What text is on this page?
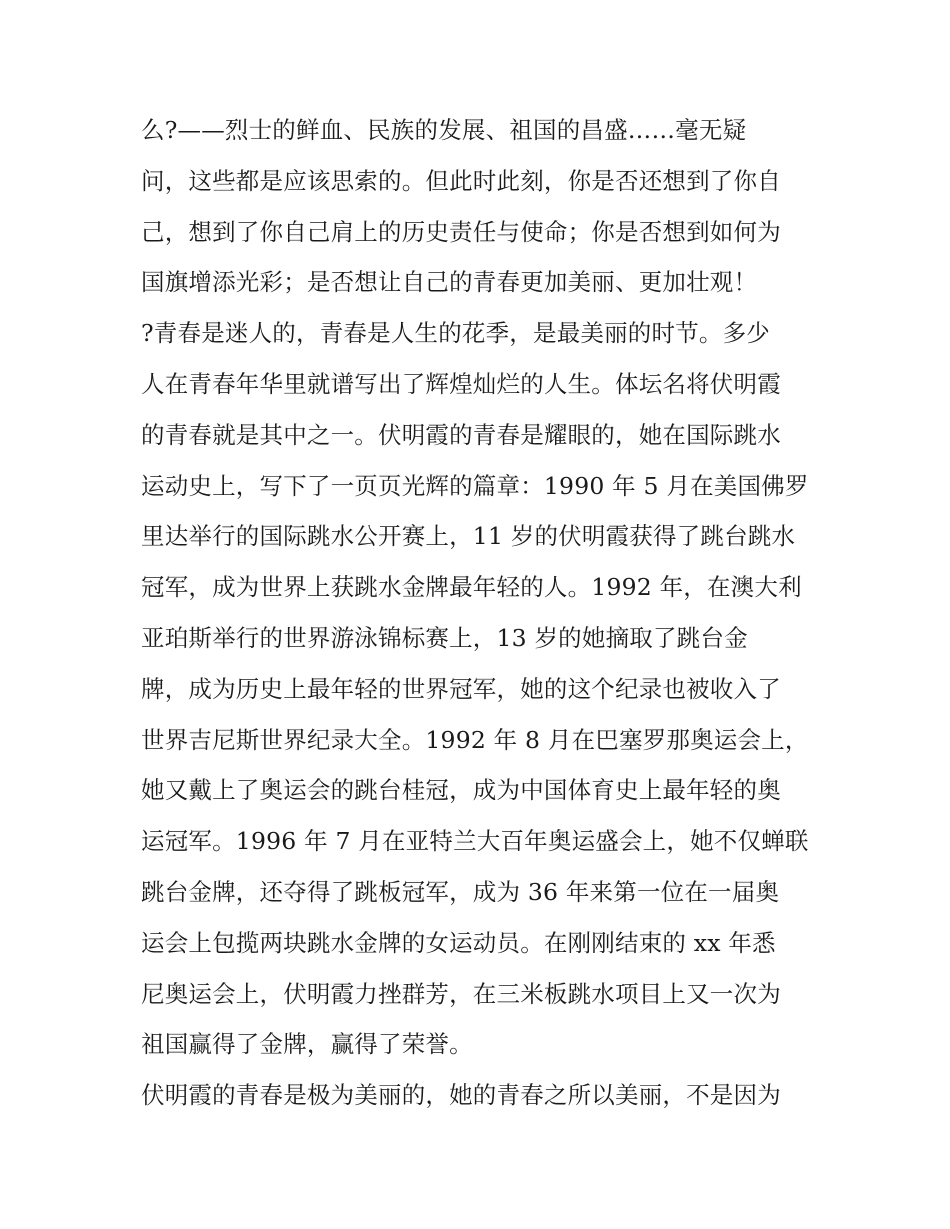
么?——烈士的鲜血、民族的发展、祖国的昌盛……毫无疑
问，这些都是应该思索的。但此时此刻，你是否还想到了你自
己，想到了你自己肩上的历史责任与使命；你是否想到如何为
国旗增添光彩；是否想让自己的青春更加美丽、更加壮观！
?青春是迷人的，青春是人生的花季，是最美丽的时节。多少
人在青春年华里就谱写出了辉煌灿烂的人生。体坛名将伏明霞
的青春就是其中之一。伏明霞的青春是耀眼的，她在国际跳水
运动史上，写下了一页页光辉的篇章：1990 年 5 月在美国佛罗
里达举行的国际跳水公开赛上，11 岁的伏明霞获得了跳台跳水
冠军，成为世界上获跳水金牌最年轻的人。1992 年，在澳大利
亚珀斯举行的世界游泳锦标赛上，13 岁的她摘取了跳台金
牌，成为历史上最年轻的世界冠军，她的这个纪录也被收入了
世界吉尼斯世界纪录大全。1992 年 8 月在巴塞罗那奥运会上，
她又戴上了奥运会的跳台桂冠，成为中国体育史上最年轻的奥
运冠军。1996 年 7 月在亚特兰大百年奥运盛会上，她不仅蝉联
跳台金牌，还夺得了跳板冠军，成为 36 年来第一位在一届奥
运会上包揽两块跳水金牌的女运动员。在刚刚结束的 xx 年悉
尼奥运会上，伏明霞力挫群芳，在三米板跳水项目上又一次为
祖国赢得了金牌，赢得了荣誉。
伏明霞的青春是极为美丽的，她的青春之所以美丽，不是因为
